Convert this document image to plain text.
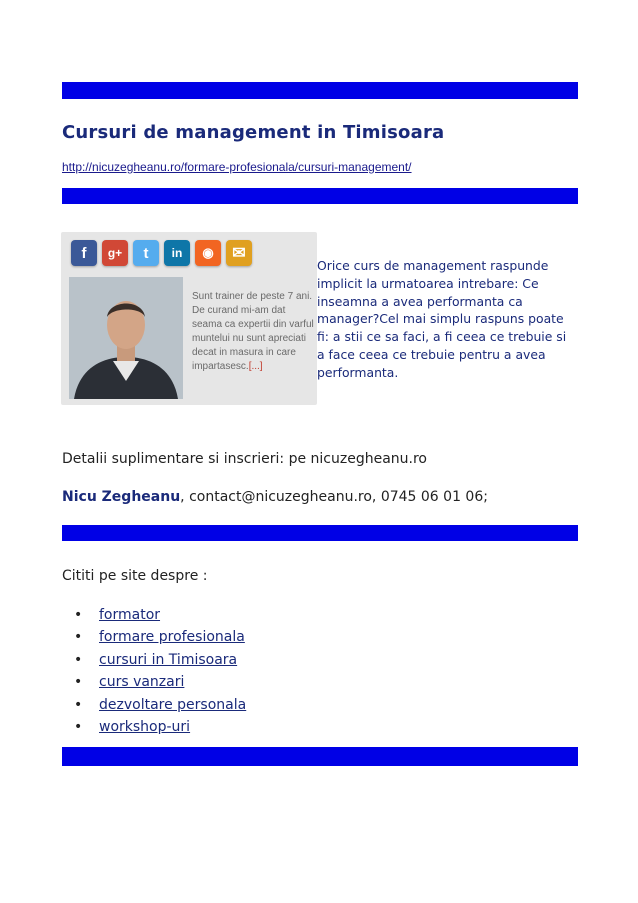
Cursuri de management in Timisoara
http://nicuzegheanu.ro/formare-profesionala/cursuri-management/
f g+ t in ◉ ✉
Sunt trainer de peste 7 ani. De curand mi-am dat seama ca expertii din varful muntelui nu sunt apreciati decat in masura in care impartasesc.[...]

Orice curs de management raspunde implicit la urmatoarea intrebare: Ce inseamna a avea performanta ca manager?Cel mai simplu raspuns poate fi: a stii ce sa faci, a fi ceea ce trebuie si a face ceea ce trebuie pentru a avea performanta.

Detalii suplimentare si inscrieri: pe nicuzegheanu.ro

Nicu Zegheanu, contact@nicuzegheanu.ro, 0745 06 01 06;

Cititi pe site despre :

• formator
• formare profesionala
• cursuri in Timisoara
• curs vanzari
• dezvoltare personala
• workshop-uri
